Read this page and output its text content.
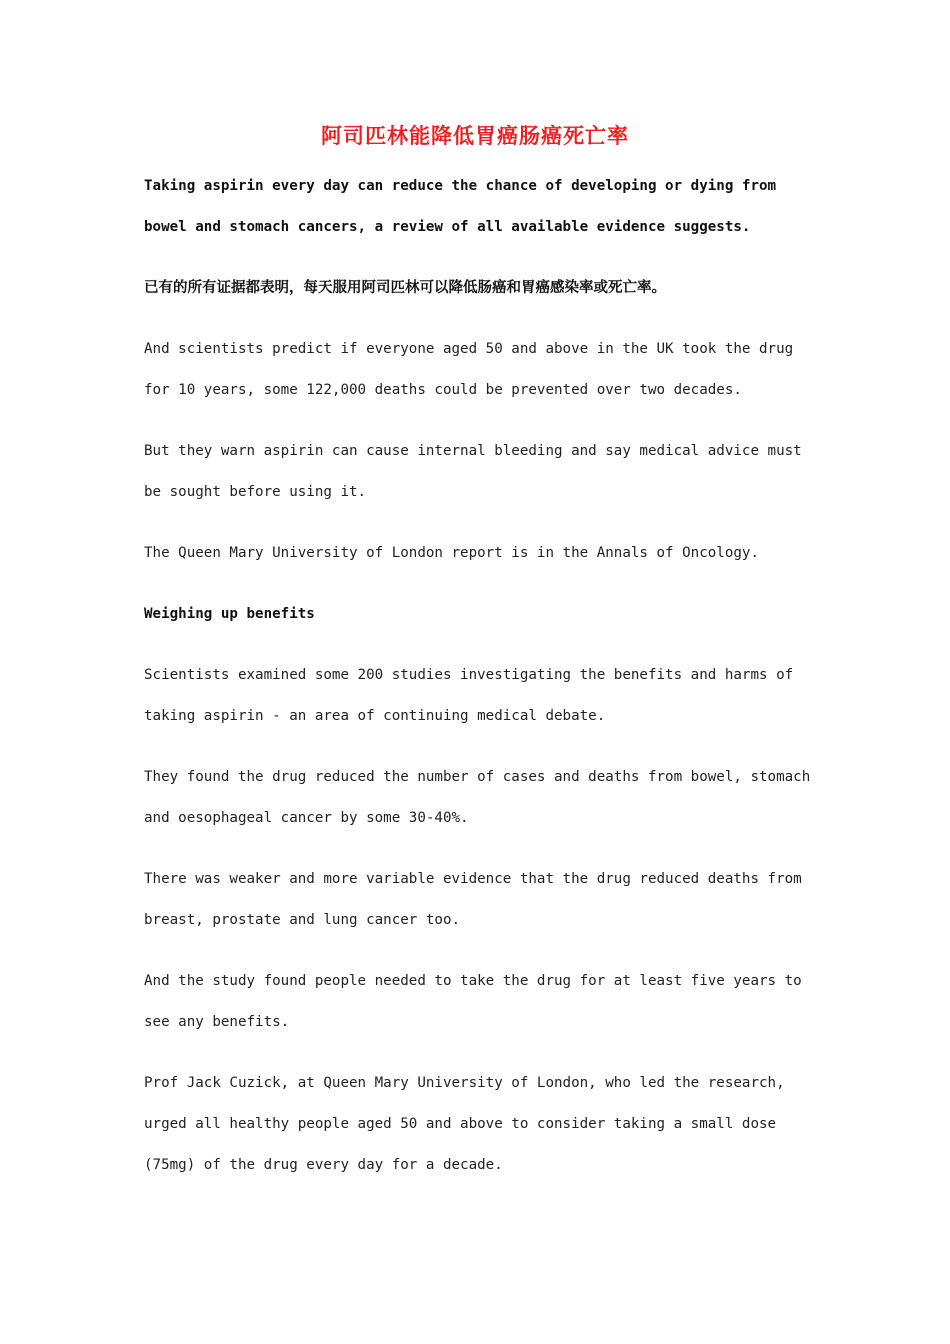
阿司匹林能降低胃癌肠癌死亡率

Taking aspirin every day can reduce the chance of developing or dying from bowel and stomach cancers, a review of all available evidence suggests.

已有的所有证据都表明，每天服用阿司匹林可以降低肠癌和胃癌感染率或死亡率。

And scientists predict if everyone aged 50 and above in the UK took the drug for 10 years, some 122,000 deaths could be prevented over two decades.

But they warn aspirin can cause internal bleeding and say medical advice must be sought before using it.

The Queen Mary University of London report is in the Annals of Oncology.

Weighing up benefits

Scientists examined some 200 studies investigating the benefits and harms of taking aspirin - an area of continuing medical debate.

They found the drug reduced the number of cases and deaths from bowel, stomach and oesophageal cancer by some 30-40%.

There was weaker and more variable evidence that the drug reduced deaths from breast, prostate and lung cancer too.

And the study found people needed to take the drug for at least five years to see any benefits.

Prof Jack Cuzick, at Queen Mary University of London, who led the research, urged all healthy people aged 50 and above to consider taking a small dose (75mg) of the drug every day for a decade.
